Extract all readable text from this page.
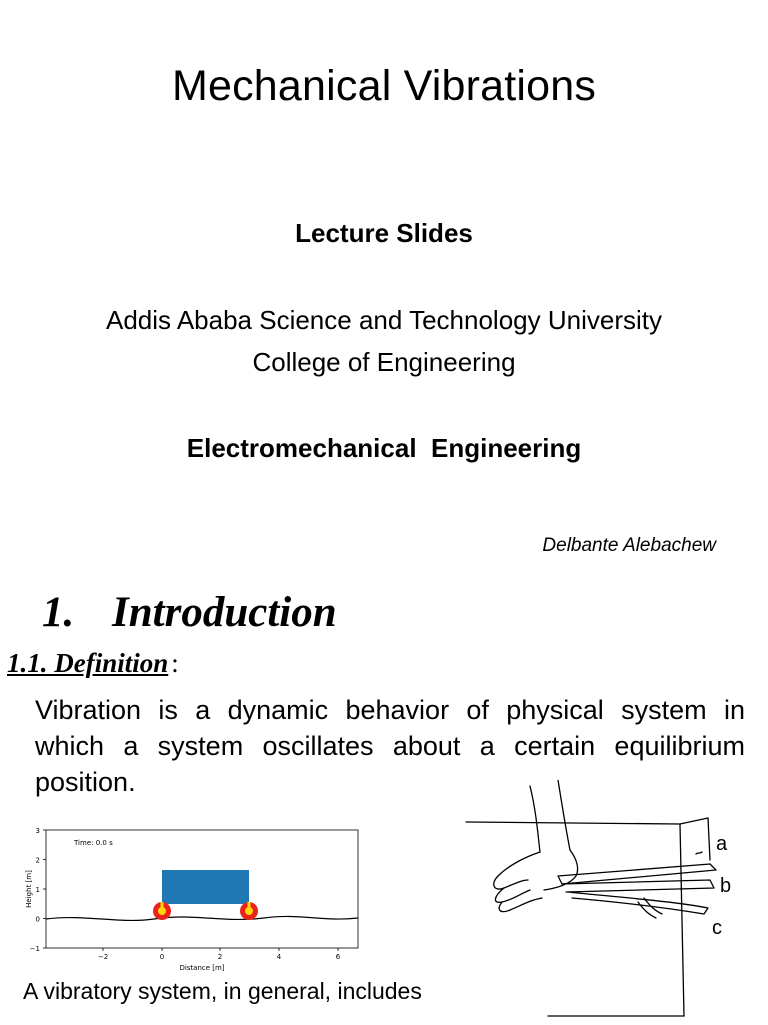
Mechanical Vibrations
Lecture Slides
Addis Ababa Science and Technology University
College of Engineering
Electromechanical  Engineering
Delbante Alebachew
1. Introduction
1.1. Definition :
Vibration is a dynamic behavior of physical system in
which a system oscillates about a certain equilibrium
position.
3
2
1
0
−1
−2	0	2	4	6
Distance [m]
Height [m]
Time: 0.0 s	a
b
c
A vibratory system, in general, includes
